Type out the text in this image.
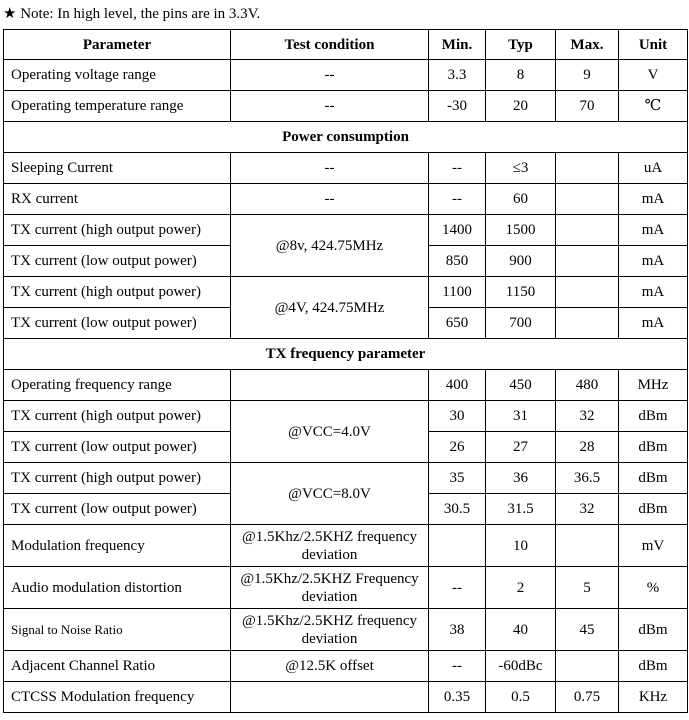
★ Note: In high level, the pins are in 3.3V.
Parameter	Test condition	Min.	Typ	Max.	Unit
Operating voltage range	--	3.3	8	9	V
Operating temperature range	--	-30	20	70	℃
Power consumption					
Sleeping Current	--	--	≤3		uA
RX current	--	--	60		mA
TX current (high output power)	@8v, 424.75MHz	1400	1500		mA
TX current (low output power)		850	900		mA
TX current (high output power)	@4V, 424.75MHz	1100	1150		mA
TX current (low output power)		650	700		mA
TX frequency parameter					
Operating frequency range		400	450	480	MHz
TX current (high output power)	@VCC=4.0V	30	31	32	dBm
TX current (low output power)		26	27	28	dBm
TX current (high output power)	@VCC=8.0V	35	36	36.5	dBm
TX current (low output power)		30.5	31.5	32	dBm
Modulation frequency	@1.5Khz/2.5KHZ frequency deviation		10		mV
Audio modulation distortion	@1.5Khz/2.5KHZ Frequency deviation	--	2	5	%
Signal to Noise Ratio	@1.5Khz/2.5KHZ frequency deviation	38	40	45	dBm
Adjacent Channel Ratio	@12.5K offset	--	-60dBc		dBm
CTCSS Modulation frequency		0.35	0.5	0.75	KHz
